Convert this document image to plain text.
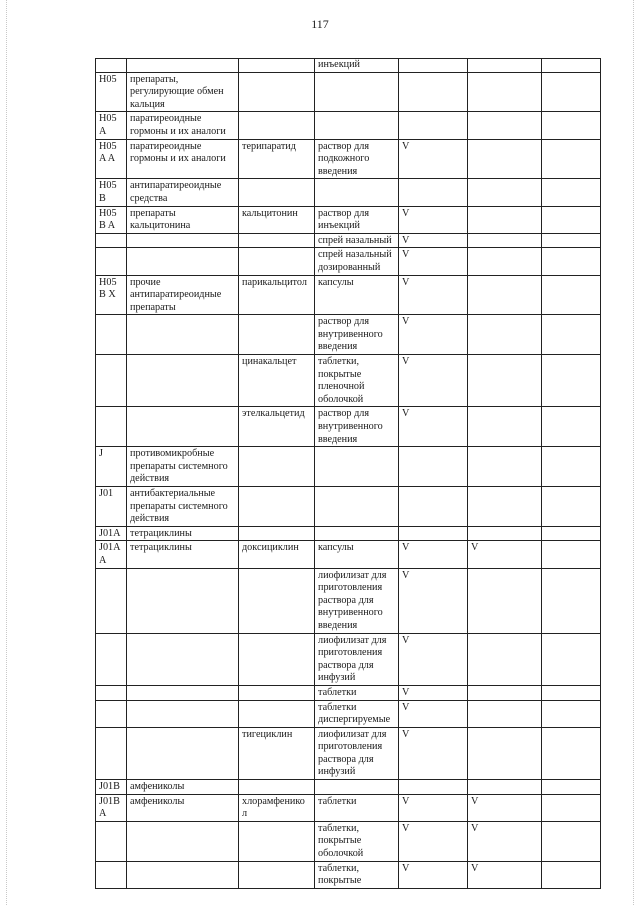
117
			инъекций			
H05	препараты, регулирующие обмен кальция					
H05A	паратиреоидные гормоны и их аналоги					
H05A A	паратиреоидные гормоны и их аналоги	терипаратид	раствор для подкожного введения	V		
H05B	антипаратиреоидные средства					
H05B A	препараты кальцитонина	кальцитонин	раствор для инъекций	V		
			спрей назальный	V		
			спрей назальный дозированный	V		
H05B X	прочие антипаратиреоидные препараты	парикальцитол	капсулы	V		
			раствор для внутривенного введения	V		
		цинакальцет	таблетки, покрытые пленочной оболочкой	V		
		этелкальцетид	раствор для внутривенного введения	V		
J	противомикробные препараты системного действия					
J01	антибактериальные препараты системного действия					
J01A	тетрациклины					
J01AA	тетрациклины	доксициклин	капсулы	V	V	
			лиофилизат для приготовления раствора для внутривенного введения	V		
			лиофилизат для приготовления раствора для инфузий	V		
			таблетки	V		
			таблетки диспергируемые	V		
		тигециклин	лиофилизат для приготовления раствора для инфузий	V		
J01B	амфениколы					
J01BA	амфениколы	хлорамфенико л	таблетки	V	V	
			таблетки, покрытые оболочкой	V	V	
			таблетки, покрытые	V	V	
